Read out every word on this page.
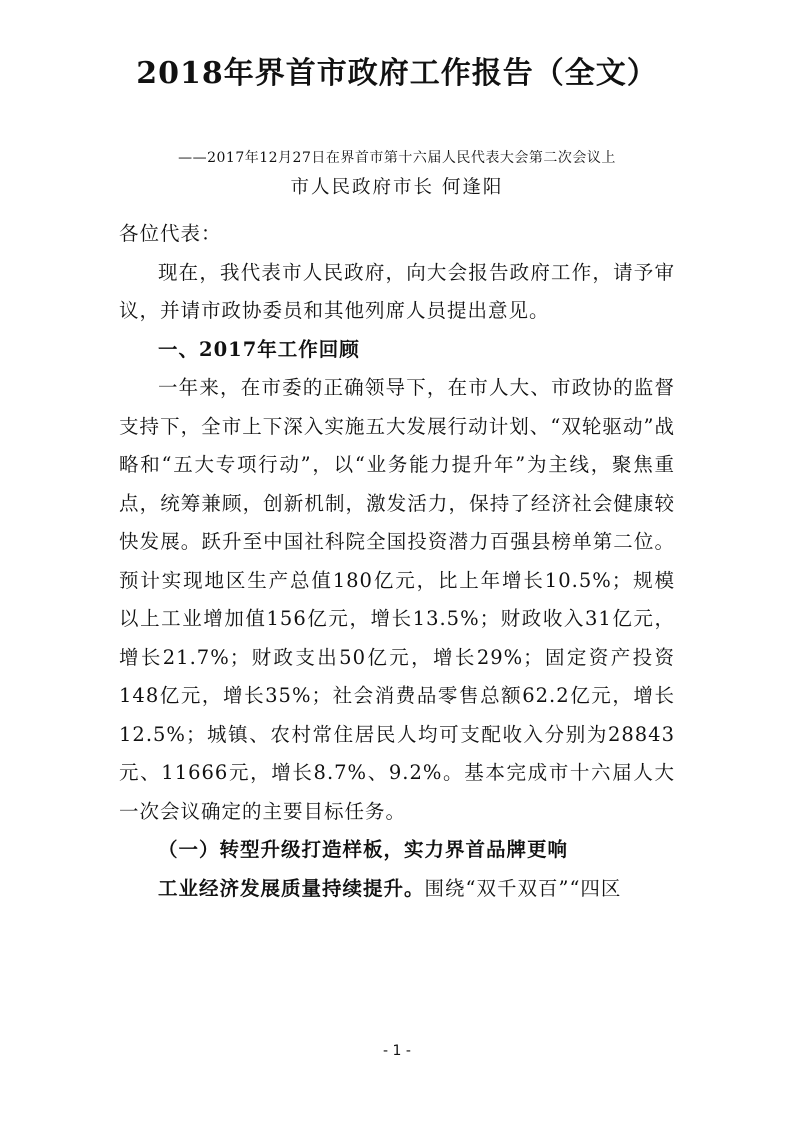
2018年界首市政府工作报告（全文）
——2017年12月27日在界首市第十六届人民代表大会第二次会议上
市人民政府市长 何逢阳

各位代表：

现在，我代表市人民政府，向大会报告政府工作，请予审议，并请市政协委员和其他列席人员提出意见。

一、2017年工作回顾

一年来，在市委的正确领导下，在市人大、市政协的监督支持下，全市上下深入实施五大发展行动计划、“双轮驱动”战略和“五大专项行动”，以“业务能力提升年”为主线，聚焦重点，统筹兼顾，创新机制，激发活力，保持了经济社会健康较快发展。跃升至中国社科院全国投资潜力百强县榜单第二位。预计实现地区生产总值180亿元，比上年增长10.5%；规模以上工业增加值156亿元，增长13.5%；财政收入31亿元，增长21.7%；财政支出50亿元，增长29%；固定资产投资148亿元，增长35%；社会消费品零售总额62.2亿元，增长12.5%；城镇、农村常住居民人均可支配收入分别为28843元、11666元，增长8.7%、9.2%。基本完成市十六届人大一次会议确定的主要目标任务。

（一）转型升级打造样板，实力界首品牌更响

工业经济发展质量持续提升。围绕“双千双百”“四区

- 1 -
